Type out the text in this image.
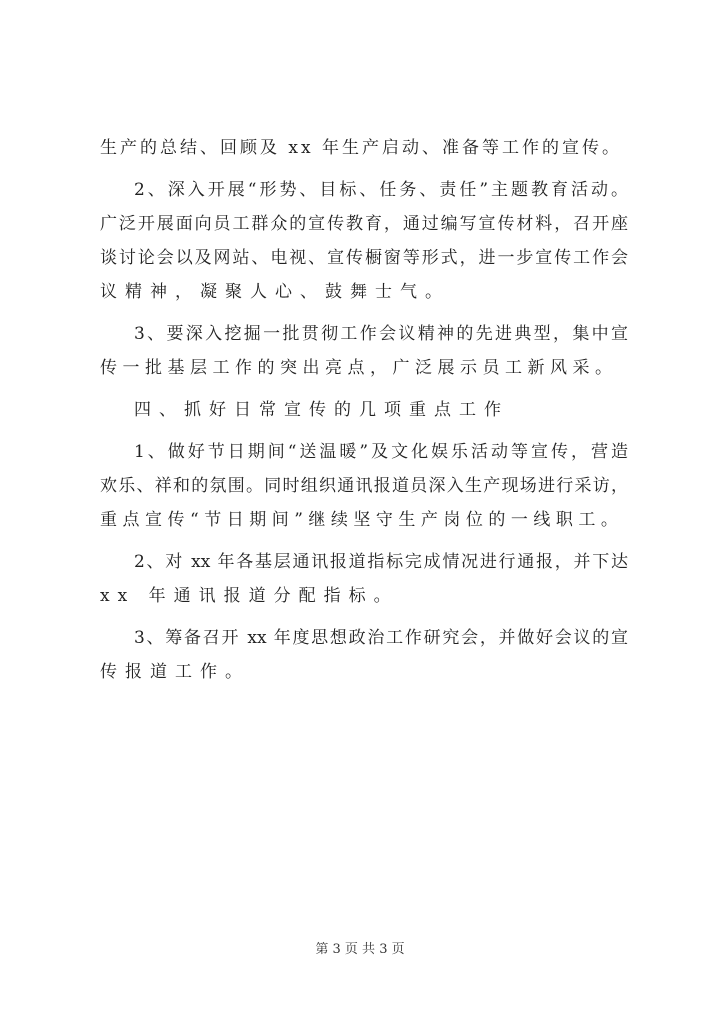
生产的总结、回顾及 xx 年生产启动、准备等工作的宣传。
2、深入开展“形势、目标、任务、责任”主题教育活动。
广泛开展面向员工群众的宣传教育，通过编写宣传材料，召开座
谈讨论会以及网站、电视、宣传橱窗等形式，进一步宣传工作会
议精神，凝聚人心、鼓舞士气。
3、要深入挖掘一批贯彻工作会议精神的先进典型，集中宣
传一批基层工作的突出亮点，广泛展示员工新风采。
四、抓好日常宣传的几项重点工作
1、做好节日期间“送温暖”及文化娱乐活动等宣传，营造
欢乐、祥和的氛围。同时组织通讯报道员深入生产现场进行采访，
重点宣传“节日期间”继续坚守生产岗位的一线职工。
2、对 xx 年各基层通讯报道指标完成情况进行通报，并下达
xx 年通讯报道分配指标。
3、筹备召开 xx 年度思想政治工作研究会，并做好会议的宣
传报道工作。
第 3 页 共 3 页
